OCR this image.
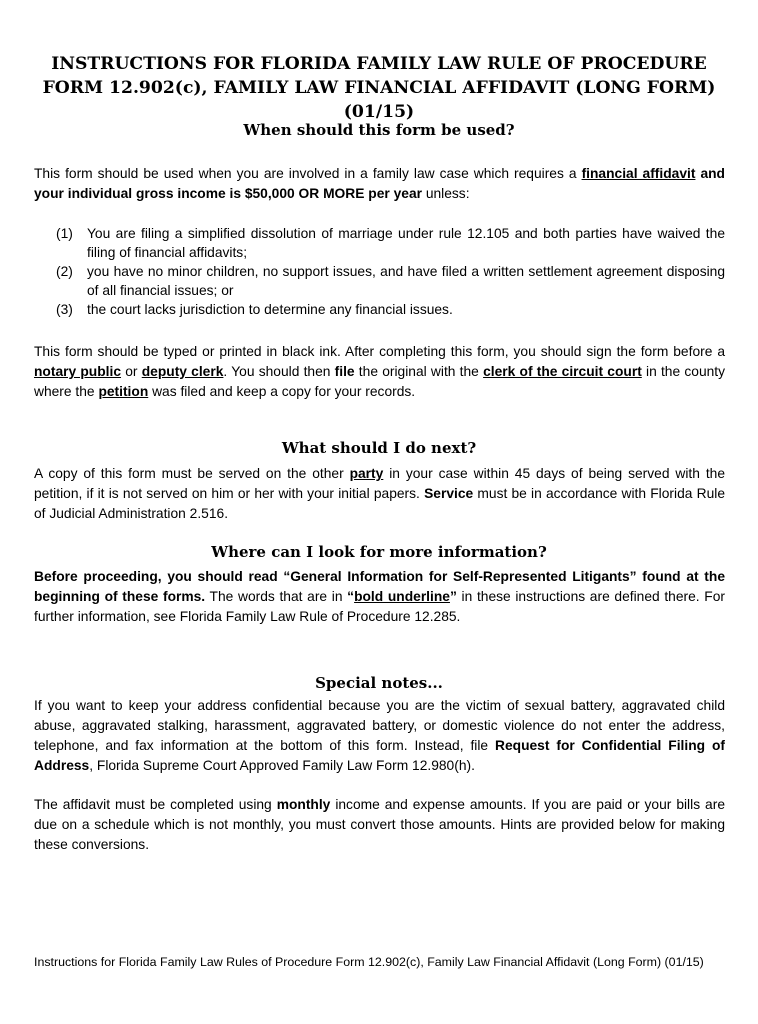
INSTRUCTIONS FOR FLORIDA FAMILY LAW RULE OF PROCEDURE FORM 12.902(c), FAMILY LAW FINANCIAL AFFIDAVIT (LONG FORM)(01/15)
When should this form be used?

This form should be used when you are involved in a family law case which requires a financial affidavit and your individual gross income is $50,000 OR MORE per year unless:

(1) You are filing a simplified dissolution of marriage under rule 12.105 and both parties have waived the filing of financial affidavits;
(2) you have no minor children, no support issues, and have filed a written settlement agreement disposing of all financial issues; or
(3) the court lacks jurisdiction to determine any financial issues.

This form should be typed or printed in black ink. After completing this form, you should sign the form before a notary public or deputy clerk. You should then file the original with the clerk of the circuit court in the county where the petition was filed and keep a copy for your records.

What should I do next?

A copy of this form must be served on the other party in your case within 45 days of being served with the petition, if it is not served on him or her with your initial papers. Service must be in accordance with Florida Rule of Judicial Administration 2.516.

Where can I look for more information?

Before proceeding, you should read “General Information for Self-Represented Litigants” found at the beginning of these forms. The words that are in “bold underline” in these instructions are defined there. For further information, see Florida Family Law Rule of Procedure 12.285.

Special notes...

If you want to keep your address confidential because you are the victim of sexual battery, aggravated child abuse, aggravated stalking, harassment, aggravated battery, or domestic violence do not enter the address, telephone, and fax information at the bottom of this form. Instead, file Request for Confidential Filing of Address, Florida Supreme Court Approved Family Law Form 12.980(h).

The affidavit must be completed using monthly income and expense amounts. If you are paid or your bills are due on a schedule which is not monthly, you must convert those amounts. Hints are provided below for making these conversions.

Instructions for Florida Family Law Rules of Procedure Form 12.902(c), Family Law Financial Affidavit (Long Form) (01/15)
